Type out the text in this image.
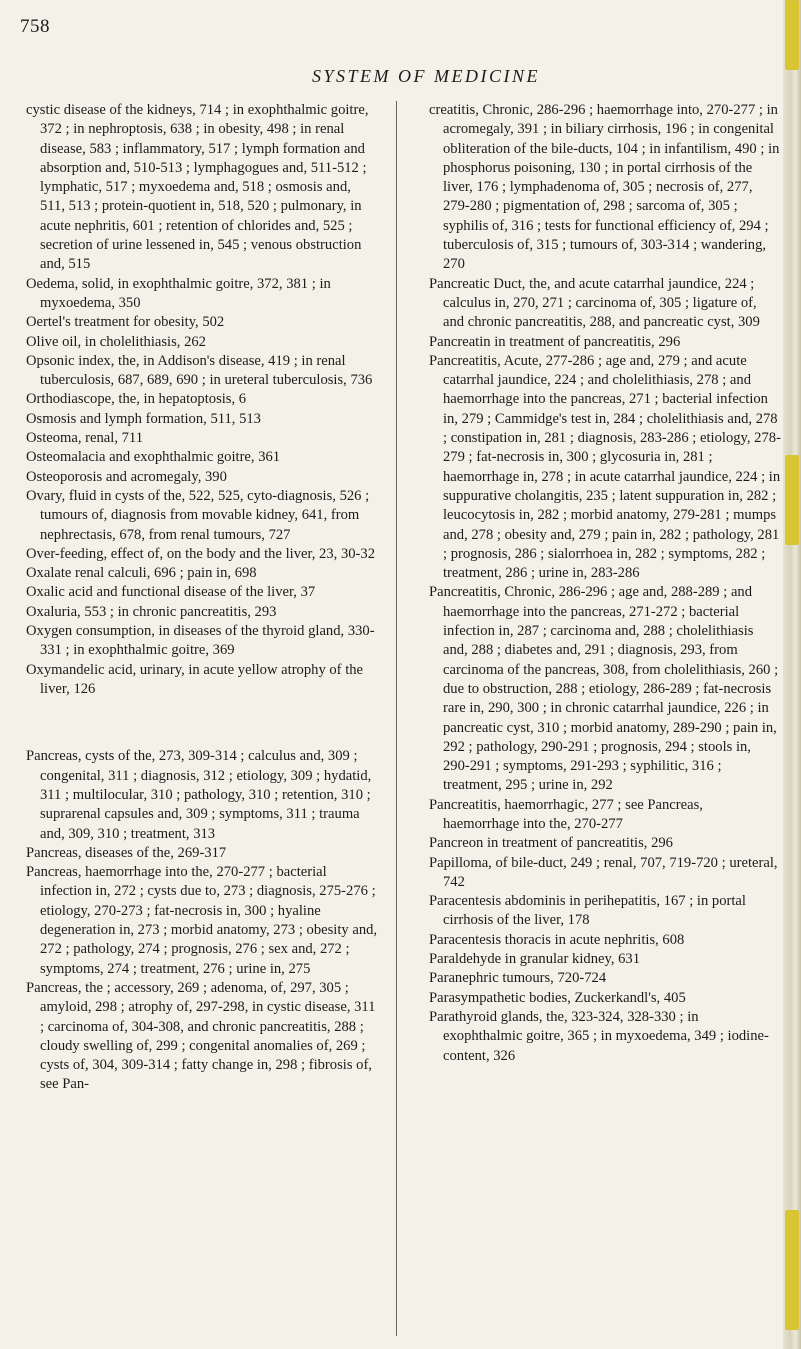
758
SYSTEM OF MEDICINE

cystic disease of the kidneys, 714 ; in exophthalmic goitre, 372 ; in nephroptosis, 638 ; in obesity, 498 ; in renal disease, 583 ; inflammatory, 517 ; lymph formation and absorption and, 510-513 ; lymphagogues and, 511-512 ; lymphatic, 517 ; myxoedema and, 518 ; osmosis and, 511, 513 ; protein-quotient in, 518, 520 ; pulmonary, in acute nephritis, 601 ; retention of chlorides and, 525 ; secretion of urine lessened in, 545 ; venous obstruction and, 515

Oedema, solid, in exophthalmic goitre, 372, 381 ; in myxoedema, 350

Oertel's treatment for obesity, 502

Olive oil, in cholelithiasis, 262

Opsonic index, the, in Addison's disease, 419 ; in renal tuberculosis, 687, 689, 690 ; in ureteral tuberculosis, 736

Orthodiascope, the, in hepatoptosis, 6

Osmosis and lymph formation, 511, 513

Osteoma, renal, 711

Osteomalacia and exophthalmic goitre, 361

Osteoporosis and acromegaly, 390

Ovary, fluid in cysts of the, 522, 525, cyto-diagnosis, 526 ; tumours of, diagnosis from movable kidney, 641, from nephrectasis, 678, from renal tumours, 727

Over-feeding, effect of, on the body and the liver, 23, 30-32

Oxalate renal calculi, 696 ; pain in, 698

Oxalic acid and functional disease of the liver, 37

Oxaluria, 553 ; in chronic pancreatitis, 293

Oxygen consumption, in diseases of the thyroid gland, 330-331 ; in exophthalmic goitre, 369

Oxymandelic acid, urinary, in acute yellow atrophy of the liver, 126

Pancreas, cysts of the, 273, 309-314 ; calculus and, 309 ; congenital, 311 ; diagnosis, 312 ; etiology, 309 ; hydatid, 311 ; multilocular, 310 ; pathology, 310 ; retention, 310 ; suprarenal capsules and, 309 ; symptoms, 311 ; trauma and, 309, 310 ; treatment, 313

Pancreas, diseases of the, 269-317

Pancreas, haemorrhage into the, 270-277 ; bacterial infection in, 272 ; cysts due to, 273 ; diagnosis, 275-276 ; etiology, 270-273 ; fat-necrosis in, 300 ; hyaline degeneration in, 273 ; morbid anatomy, 273 ; obesity and, 272 ; pathology, 274 ; prognosis, 276 ; sex and, 272 ; symptoms, 274 ; treatment, 276 ; urine in, 275

Pancreas, the ; accessory, 269 ; adenoma, of, 297, 305 ; amyloid, 298 ; atrophy of, 297-298, in cystic disease, 311 ; carcinoma of, 304-308, and chronic pancreatitis, 288 ; cloudy swelling of, 299 ; congenital anomalies of, 269 ; cysts of, 304, 309-314 ; fatty change in, 298 ; fibrosis of, see Pan-

creatitis, Chronic, 286-296 ; haemorrhage into, 270-277 ; in acromegaly, 391 ; in biliary cirrhosis, 196 ; in congenital obliteration of the bile-ducts, 104 ; in infantilism, 490 ; in phosphorus poisoning, 130 ; in portal cirrhosis of the liver, 176 ; lymphadenoma of, 305 ; necrosis of, 277, 279-280 ; pigmentation of, 298 ; sarcoma of, 305 ; syphilis of, 316 ; tests for functional efficiency of, 294 ; tuberculosis of, 315 ; tumours of, 303-314 ; wandering, 270

Pancreatic Duct, the, and acute catarrhal jaundice, 224 ; calculus in, 270, 271 ; carcinoma of, 305 ; ligature of, and chronic pancreatitis, 288, and pancreatic cyst, 309

Pancreatin in treatment of pancreatitis, 296

Pancreatitis, Acute, 277-286 ; age and, 279 ; and acute catarrhal jaundice, 224 ; and cholelithiasis, 278 ; and haemorrhage into the pancreas, 271 ; bacterial infection in, 279 ; Cammidge's test in, 284 ; cholelithiasis and, 278 ; constipation in, 281 ; diagnosis, 283-286 ; etiology, 278-279 ; fat-necrosis in, 300 ; glycosuria in, 281 ; haemorrhage in, 278 ; in acute catarrhal jaundice, 224 ; in suppurative cholangitis, 235 ; latent suppuration in, 282 ; leucocytosis in, 282 ; morbid anatomy, 279-281 ; mumps and, 278 ; obesity and, 279 ; pain in, 282 ; pathology, 281 ; prognosis, 286 ; sialorrhoea in, 282 ; symptoms, 282 ; treatment, 286 ; urine in, 283-286

Pancreatitis, Chronic, 286-296 ; age and, 288-289 ; and haemorrhage into the pancreas, 271-272 ; bacterial infection in, 287 ; carcinoma and, 288 ; cholelithiasis and, 288 ; diabetes and, 291 ; diagnosis, 293, from carcinoma of the pancreas, 308, from cholelithiasis, 260 ; due to obstruction, 288 ; etiology, 286-289 ; fat-necrosis rare in, 290, 300 ; in chronic catarrhal jaundice, 226 ; in pancreatic cyst, 310 ; morbid anatomy, 289-290 ; pain in, 292 ; pathology, 290-291 ; prognosis, 294 ; stools in, 290-291 ; symptoms, 291-293 ; syphilitic, 316 ; treatment, 295 ; urine in, 292

Pancreatitis, haemorrhagic, 277 ; see Pancreas, haemorrhage into the, 270-277

Pancreon in treatment of pancreatitis, 296

Papilloma, of bile-duct, 249 ; renal, 707, 719-720 ; ureteral, 742

Paracentesis abdominis in perihepatitis, 167 ; in portal cirrhosis of the liver, 178

Paracentesis thoracis in acute nephritis, 608

Paraldehyde in granular kidney, 631

Paranephric tumours, 720-724

Parasympathetic bodies, Zuckerkandl's, 405

Parathyroid glands, the, 323-324, 328-330 ; in exophthalmic goitre, 365 ; in myxoedema, 349 ; iodine-content, 326
